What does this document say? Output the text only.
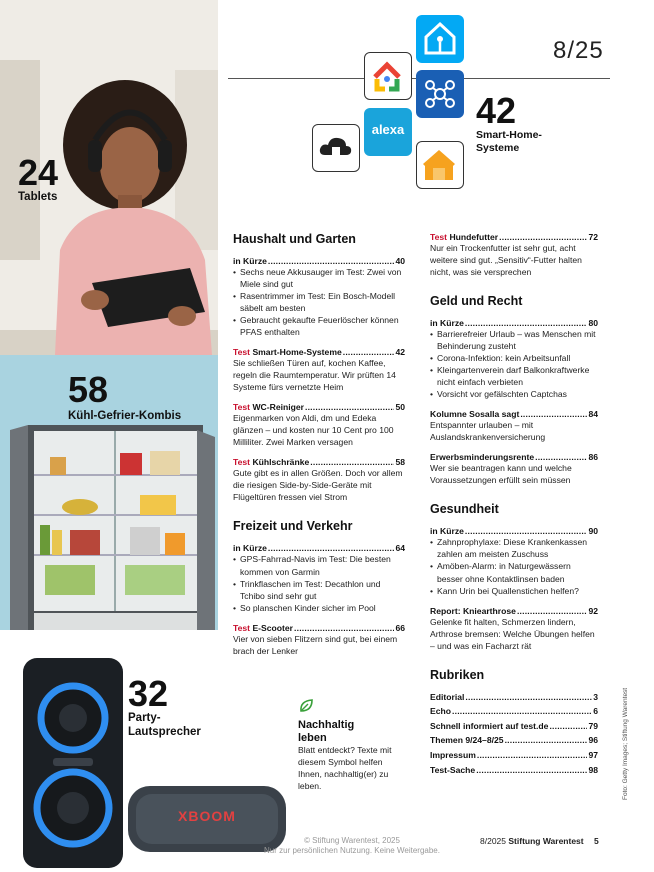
24
Tablets
58
Kühl-Gefrier-Kombis
32
Party-
Lautsprecher
XBOOM
8/25
alexa 42
Smart-Home-
Systeme
Haushalt und Garten
in Kürze .....	40
• Sechs neue Akkusauger im Test: Zwei von Miele sind gut
• Rasentrimmer im Test: Ein Bosch-Modell säbelt am besten
• Gebraucht gekaufte Feuerlöscher können PFAS enthalten
Test
Smart-Home-Systeme .....	42
Sie schließen Türen auf, kochen Kaffee, regeln die Raumtemperatur. Wir prüften 14 Systeme fürs vernetzte Heim
Test
WC-Reiniger .....	50
Eigenmarken von Aldi, dm und Edeka glänzen – und kosten nur 10 Cent pro 100 Milliliter. Zwei Marken versagen
Test
Kühlschränke .....	58
Gute gibt es in allen Größen. Doch vor allem die riesigen Side-by-Side-Geräte mit Flügeltüren fressen viel Strom
Freizeit und Verkehr
in Kürze .....	64
• GPS-Fahrrad-Navis im Test: Die besten kommen von Garmin
• Trinkflaschen im Test: Decathlon und Tchibo sind sehr gut
• So planschen Kinder sicher im Pool
Test
E-Scooter .....	66
Vier von sieben Flitzern sind gut, bei einem brach der Lenker
Nachhaltig
leben
Blatt entdeckt? Texte mit diesem Symbol helfen Ihnen, nachhaltig(er) zu leben.
Test
Hundefutter .....	72
Nur ein Trockenfutter ist sehr gut, acht weitere sind gut. „Sensitiv“-Futter halten nicht, was sie versprechen
Geld und Recht
in Kürze .....	80
• Barrierefreier Urlaub – was Menschen mit Behinderung zusteht
• Corona-Infektion: kein Arbeitsunfall
• Kleingartenverein darf Balkonkraftwerke nicht einfach verbieten
• Vorsicht vor gefälschten Captchas
Kolumne Sosalla sagt .....	84
Entspannter urlauben – mit Auslandskrankenversicherung
Erwerbsminderungsrente .....	86
Wer sie beantragen kann und welche Voraussetzungen erfüllt sein müssen
Gesundheit
in Kürze .....	90
• Zahnprophylaxe: Diese Krankenkassen zahlen am meisten Zuschuss
• Amöben-Alarm: in Naturgewässern besser ohne Kontaktlinsen baden
• Kann Urin bei Quallenstichen helfen?
Report: Kniearthrose .....	92
Gelenke fit halten, Schmerzen lindern, Arthrose bremsen: Welche Übungen helfen – und was ein Facharzt rät
Rubriken
Editorial .....	3
Echo .....	6
Schnell informiert auf test.de .....	79
Themen 9/24–8/25 .....	96
Impressum .....	97
Test-Sache .....	98	Foto: Getty Images; Stiftung Warentest
© Stiftung Warentest, 2025
Nur zur persönlichen Nutzung. Keine Weitergabe.
8/2025 Stiftung Warentest 5
